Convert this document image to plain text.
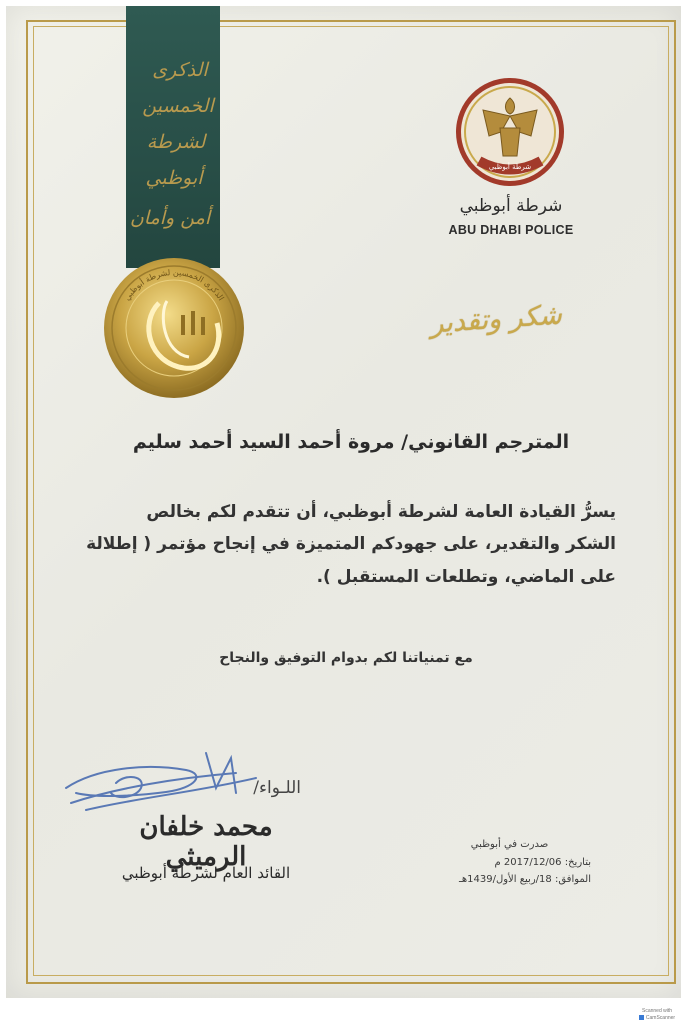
الذكرى
الخمسين
لشرطة
أبوظبي
أمن وأمان
الذكرى الخمسين لشرطة أبوظبي
شرطة أبوظبي
شرطة أبوظبي
ABU DHABI POLICE
شكر وتقدير
المترجم القانوني/ مروة أحمد السيد أحمد سليم
يسرُّ القيادة العامة لشرطة أبوظبي، أن تتقدم لكم بخالص
الشكر والتقدير، على جهودكم المتميزة في إنجاح مؤتمر ( إطلالة
على الماضي، وتطلعات المستقبل ).
مع تمنياتنا لكم بدوام التوفيق والنجاح
اللـواء/
محمد خلفان الرميثي
القائد العام لشرطة أبوظبي
صدرت في أبوظبي
بتاريخ: 2017/12/06 م
الموافق: 18/ربيع الأول/1439هـ
Scanned with
CamScanner
